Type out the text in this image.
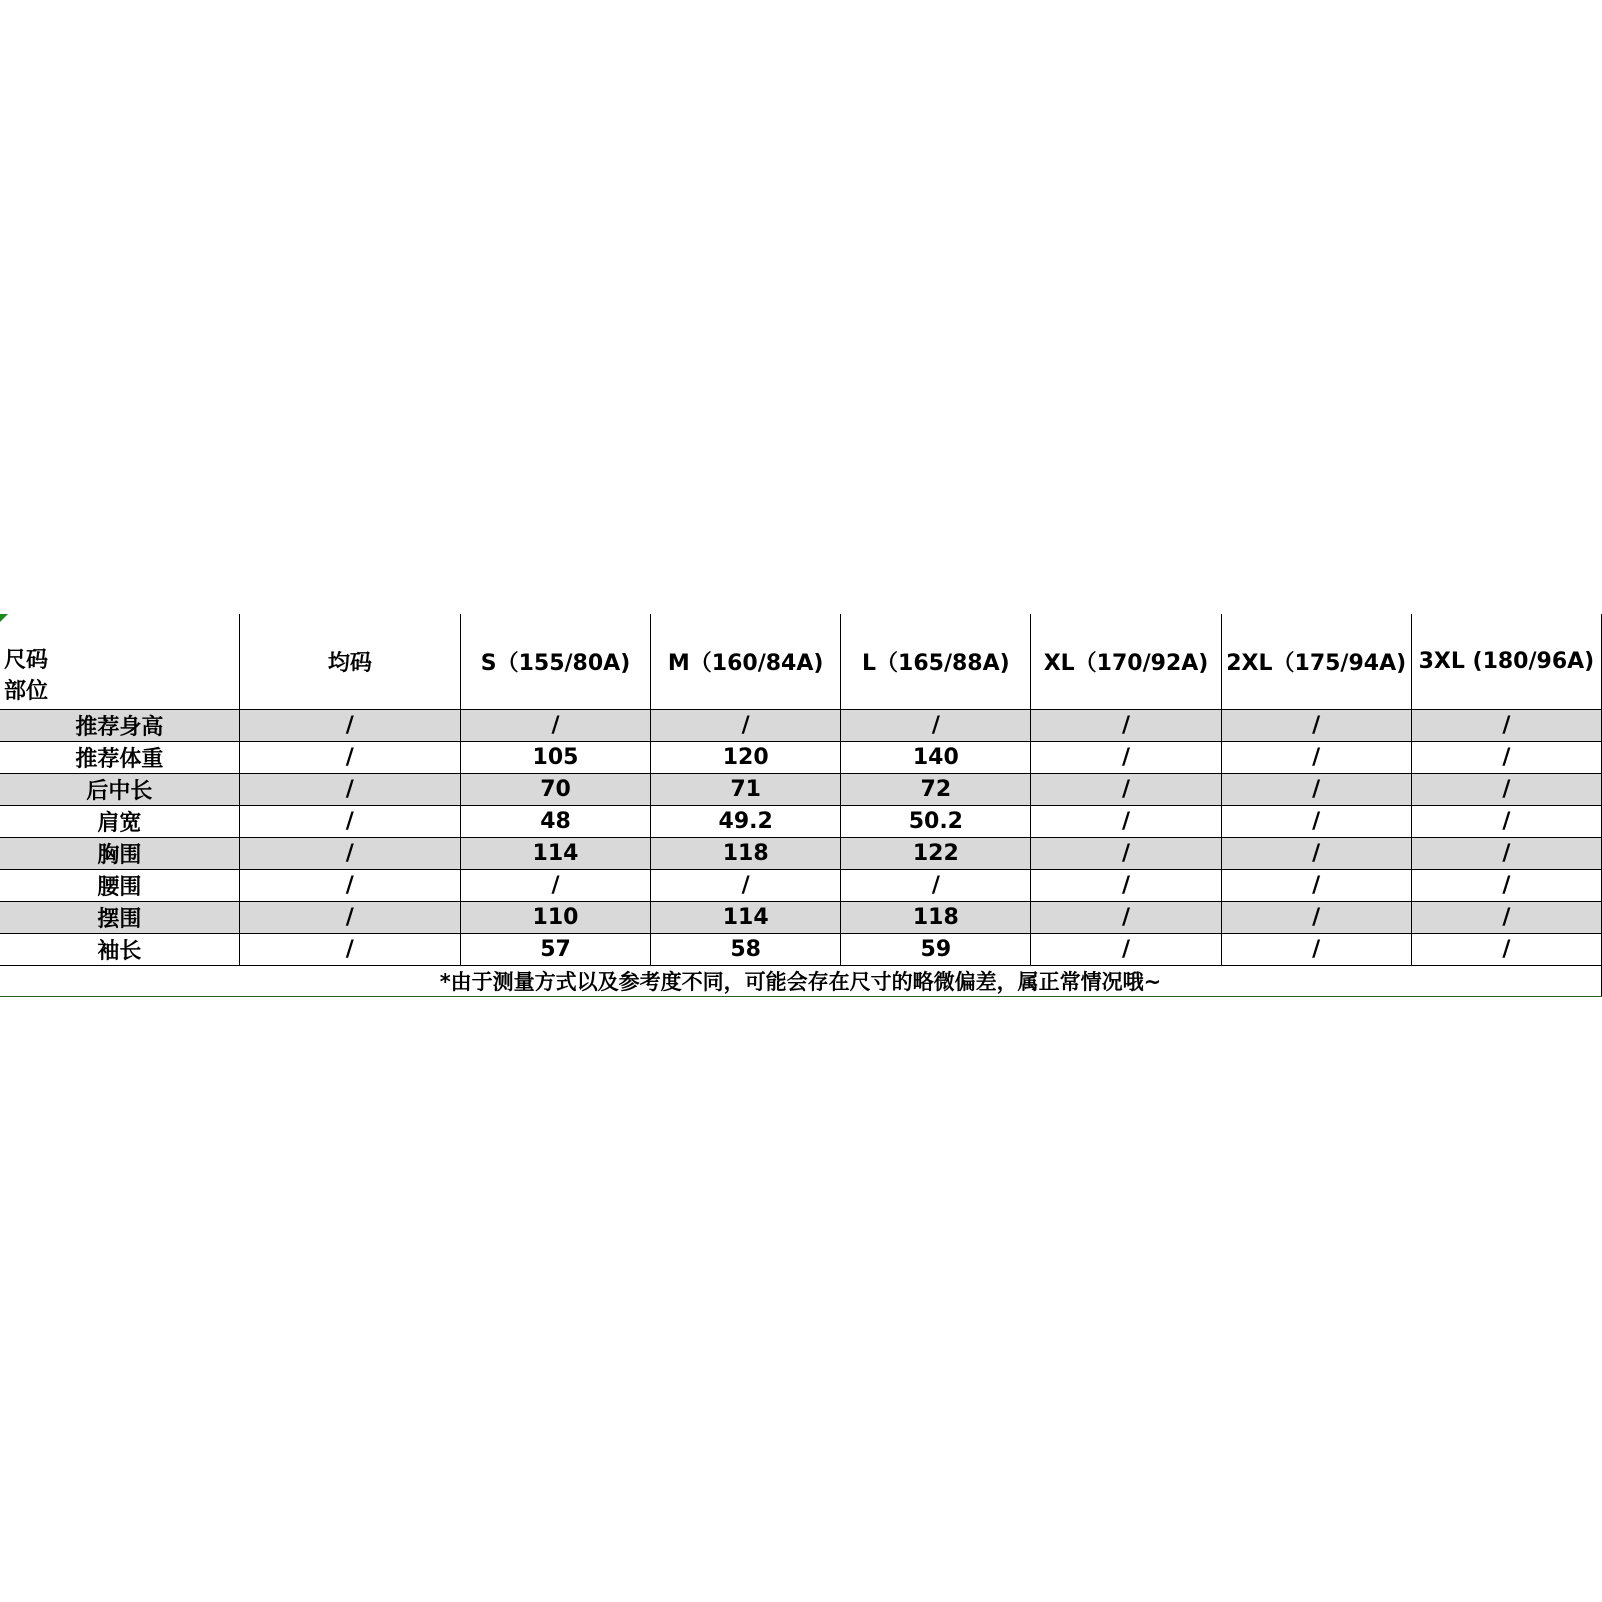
尺码
部位	均码	S（155/80A)	M（160/84A)	L（165/88A)	XL（170/92A)	2XL（175/94A)	3XL (180/96A)
推荐身高	/	/	/	/	/	/	/
推荐体重	/	105	120	140	/	/	/
后中长	/	70	71	72	/	/	/
肩宽	/	48	49.2	50.2	/	/	/
胸围	/	114	118	122	/	/	/
腰围	/	/	/	/	/	/	/
摆围	/	110	114	118	/	/	/
袖长	/	57	58	59	/	/	/
*由于测量方式以及参考度不同，可能会存在尺寸的略微偏差，属正常情况哦~							
